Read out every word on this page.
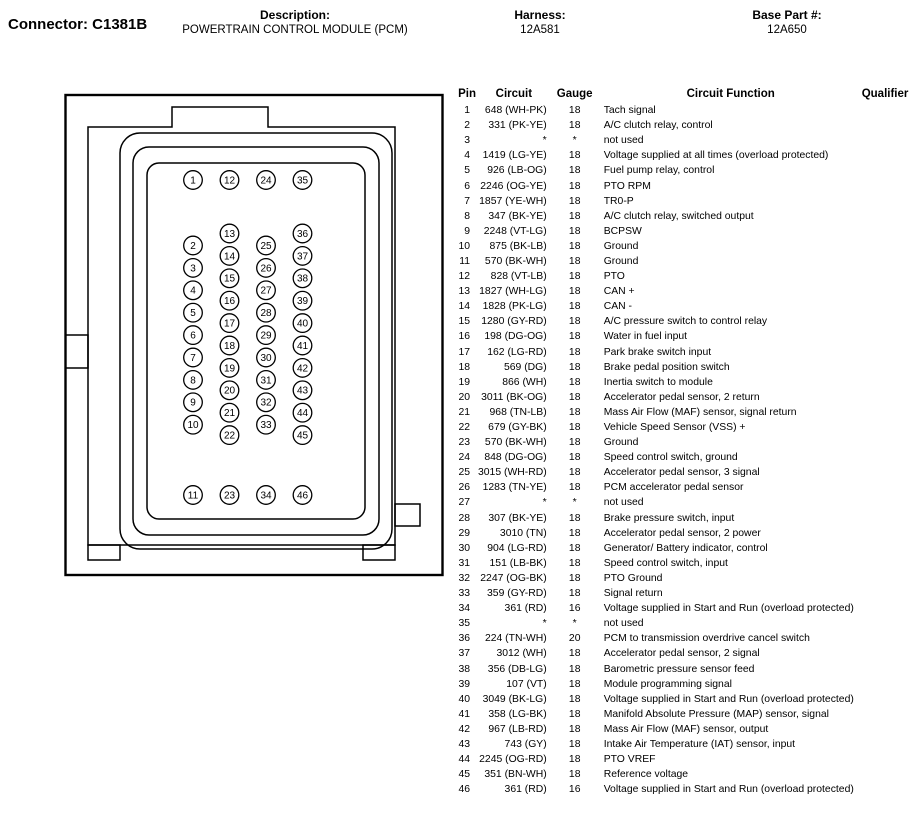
Connector: C1381B
Description:
POWERTRAIN CONTROL MODULE (PCM)
Harness:
12A581
Base Part #:
12A650
1	12	24	35
11	23	34	46
2
3
4
5
6
7
8
9
10
13
14
15
16
17
18
19
20
21
22
25
26
27
28
29
30
31
32
33
36
37
38
39
40
41
42
43
44
45
Pin	Circuit	Gauge	Circuit Function	Qualifier
1	648 (WH-PK)	18	Tach signal	
2	331 (PK-YE)	18	A/C clutch relay, control	
3	*	*	not used	
4	1419 (LG-YE)	18	Voltage supplied at all times (overload protected)	
5	926 (LB-OG)	18	Fuel pump relay, control	
6	2246 (OG-YE)	18	PTO RPM	
7	1857 (YE-WH)	18	TR0-P	
8	347 (BK-YE)	18	A/C clutch relay, switched output	
9	2248 (VT-LG)	18	BCPSW	
10	875 (BK-LB)	18	Ground	
11	570 (BK-WH)	18	Ground	
12	828 (VT-LB)	18	PTO	
13	1827 (WH-LG)	18	CAN +	
14	1828 (PK-LG)	18	CAN -	
15	1280 (GY-RD)	18	A/C pressure switch to control relay	
16	198 (DG-OG)	18	Water in fuel input	
17	162 (LG-RD)	18	Park brake switch input	
18	569 (DG)	18	Brake pedal position switch	
19	866 (WH)	18	Inertia switch to module	
20	3011 (BK-OG)	18	Accelerator pedal sensor, 2 return	
21	968 (TN-LB)	18	Mass Air Flow (MAF) sensor, signal return	
22	679 (GY-BK)	18	Vehicle Speed Sensor (VSS) +	
23	570 (BK-WH)	18	Ground	
24	848 (DG-OG)	18	Speed control switch, ground	
25	3015 (WH-RD)	18	Accelerator pedal sensor, 3 signal	
26	1283 (TN-YE)	18	PCM accelerator pedal sensor	
27	*	*	not used	
28	307 (BK-YE)	18	Brake pressure switch, input	
29	3010 (TN)	18	Accelerator pedal sensor, 2 power	
30	904 (LG-RD)	18	Generator/ Battery indicator, control	
31	151 (LB-BK)	18	Speed control switch, input	
32	2247 (OG-BK)	18	PTO Ground	
33	359 (GY-RD)	18	Signal return	
34	361 (RD)	16	Voltage supplied in Start and Run (overload protected)	
35	*	*	not used	
36	224 (TN-WH)	20	PCM to transmission overdrive cancel switch	
37	3012 (WH)	18	Accelerator pedal sensor, 2 signal	
38	356 (DB-LG)	18	Barometric pressure sensor feed	
39	107 (VT)	18	Module programming signal	
40	3049 (BK-LG)	18	Voltage supplied in Start and Run (overload protected)	
41	358 (LG-BK)	18	Manifold Absolute Pressure (MAP) sensor, signal	
42	967 (LB-RD)	18	Mass Air Flow (MAF) sensor, output	
43	743 (GY)	18	Intake Air Temperature (IAT) sensor, input	
44	2245 (OG-RD)	18	PTO VREF	
45	351 (BN-WH)	18	Reference voltage	
46	361 (RD)	16	Voltage supplied in Start and Run (overload protected)	
